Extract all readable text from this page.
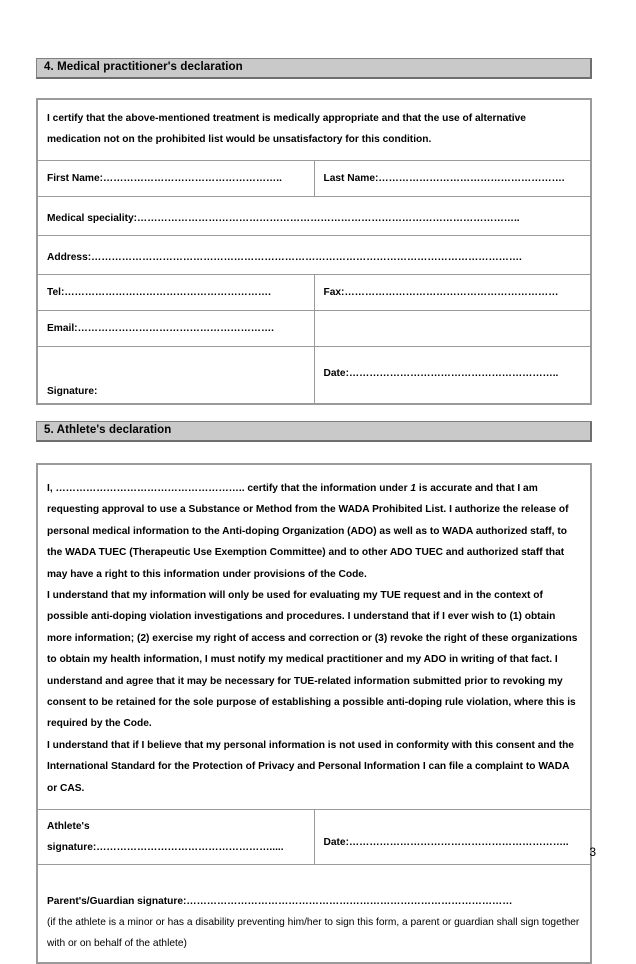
4. Medical practitioner's declaration
I certify that the above-mentioned treatment is medically appropriate and that the use of alternative medication not on the prohibited list would be unsatisfactory for this condition.	

First Name:……………………………………………..	Last Name:……………………………………………….

Medical speciality:…………………………………………………………………………………………………..	

Address:……………………………………………………………………………………………………………….	

Tel:…………………………………………………….	Fax:………………………………………………………

Email:………………………………………………….	

Signature:	Date:……………………………………………………..
5. Athlete's declaration
I, ……………………………………………….. certify that the information under 1 is accurate and that I am requesting approval to use a Substance or Method from the WADA Prohibited List. I authorize the release of personal medical information to the Anti-doping Organization (ADO) as well as to WADA authorized staff, to the WADA TUEC (Therapeutic Use Exemption Committee) and to other ADO TUEC and authorized staff that may have a right to this information under provisions of the Code.
I understand that my information will only be used for evaluating my TUE request and in the context of possible anti-doping violation investigations and procedures. I understand that if I ever wish to (1) obtain more information; (2) exercise my right of access and correction or (3) revoke the right of these organizations to obtain my health information, I must notify my medical practitioner and my ADO in writing of that fact. I understand and agree that it may be necessary for TUE-related information submitted prior to revoking my consent to be retained for the sole purpose of establishing a possible anti-doping rule violation, where this is required by the Code.
I understand that if I believe that my personal information is not used in conformity with this consent and the International Standard for the Protection of Privacy and Personal Information I can file a complaint to WADA or CAS.

Athlete's
signature:…………………………………………….....	Date:………………………………………………………..

Parent's/Guardian signature:……………………………………………………………………………………
(if the athlete is a minor or has a disability preventing him/her to sign this form, a parent or guardian shall sign together with or on behalf of the athlete)
3
